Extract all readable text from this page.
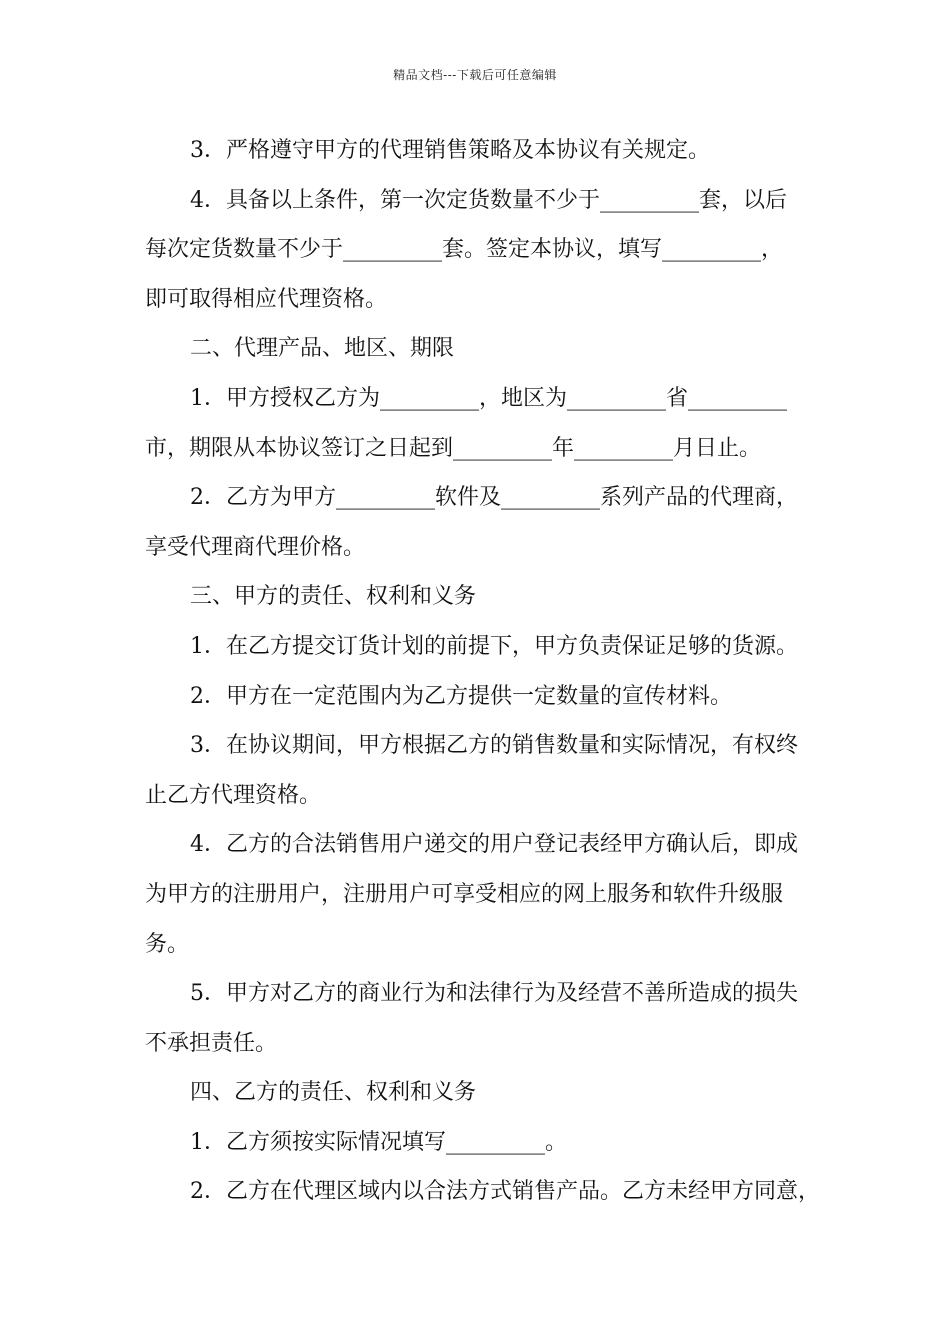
精品文档---下载后可任意编辑

3．严格遵守甲方的代理销售策略及本协议有关规定。

4．具备以上条件，第一次定货数量不少于_________套，以后
每次定货数量不少于_________套。签定本协议，填写_________，
即可取得相应代理资格。

二、代理产品、地区、期限

1．甲方授权乙方为_________，地区为_________省_________
市，期限从本协议签订之日起到_________年_________月日止。

2．乙方为甲方_________软件及_________系列产品的代理商，
享受代理商代理价格。

三、甲方的责任、权利和义务

1．在乙方提交订货计划的前提下，甲方负责保证足够的货源。

2．甲方在一定范围内为乙方提供一定数量的宣传材料。

3．在协议期间，甲方根据乙方的销售数量和实际情况，有权终
止乙方代理资格。

4．乙方的合法销售用户递交的用户登记表经甲方确认后，即成
为甲方的注册用户，注册用户可享受相应的网上服务和软件升级服
务。

5．甲方对乙方的商业行为和法律行为及经营不善所造成的损失
不承担责任。

四、乙方的责任、权利和义务

1．乙方须按实际情况填写_________。

2．乙方在代理区域内以合法方式销售产品。乙方未经甲方同意，
